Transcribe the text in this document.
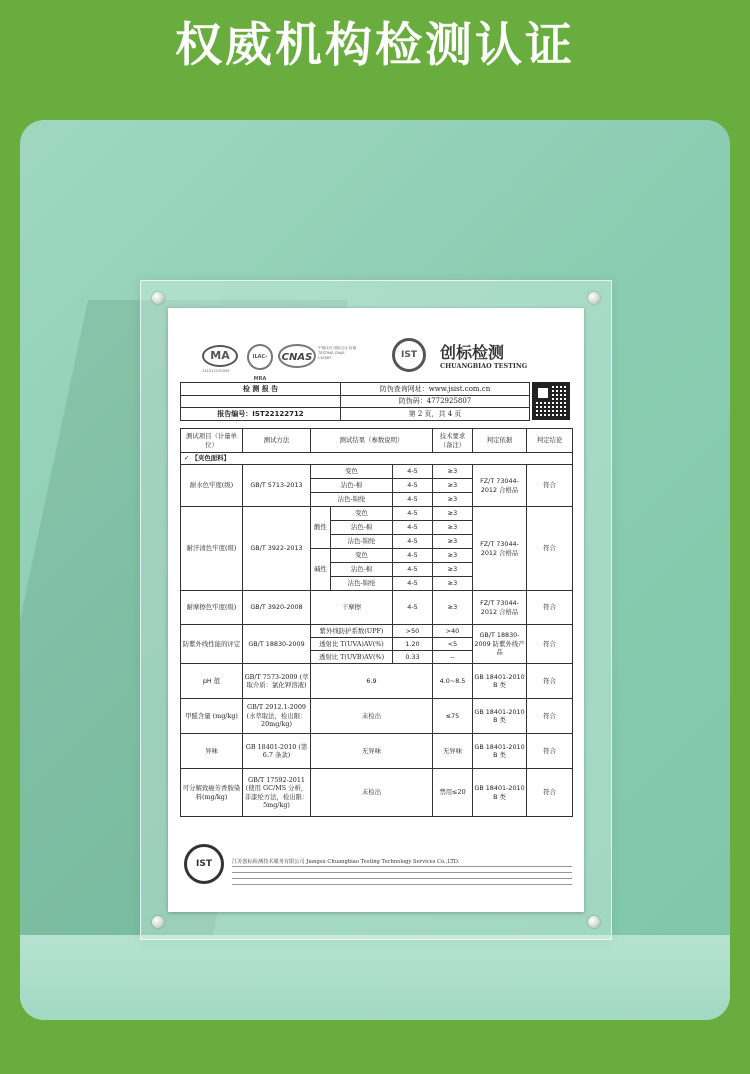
权威机构检测认证
MA
131012120009
ILAC-MRA
CNAS
中国认可 国际互认 检测 TESTING CNAS L10567	IST	创标检测
CHUANGBIAO TESTING
检 测 报 告	防伪查询网址：www.jsist.com.cn
	防伪码：4772925807
报告编号：IST22122712	第 2 页，共 4 页
测试项目（计量单位）	测试方法	测试结果（参数说明）			技术要求（备注）	判定依据	判定结论
✓ 【夹色面料】							
耐水色牢度(级)	GB/T 5713-2013	变色		4-5	≥3	FZ/T 73044-2012 合格品	符合
		沾色-棉		4-5	≥3		
		沾色-锦纶		4-5	≥3		
耐汗渍色牢度(级)	GB/T 3922-2013	酸性	变色	4-5	≥3	FZ/T 73044-2012 合格品	符合
			沾色-棉	4-5	≥3		
			沾色-锦纶	4-5	≥3		
		碱性	变色	4-5	≥3		
			沾色-棉	4-5	≥3		
			沾色-锦纶	4-5	≥3		
耐摩擦色牢度(级)	GB/T 3920-2008	干摩擦		4-5	≥3	FZ/T 73044-2012 合格品	符合
防紫外线性能的评定	GB/T 18830-2009	紫外线防护系数(UPF)		>50	>40	GB/T 18830-2009 防紫外线产品	符合
		透射比 T(UVA)AV(%)		1.20	<5		
		透射比 T(UVB)AV(%)		0.33	--		
pH 值	GB/T 7573-2009 (萃取介质：氯化钾溶液)	6.9			4.0~8.5	GB 18401-2010 B 类	符合
甲醛含量 (mg/kg)	GB/T 2912.1-2009 (水萃取法，检出限：20mg/kg)	未检出			≤75	GB 18401-2010 B 类	符合
异味	GB 18401-2010 (第 6.7 条款)	无异味			无异味	GB 18401-2010 B 类	符合
可分解致癌芳香胺染料(mg/kg)	GB/T 17592-2011 (使用 GC/MS 分析，非漆纶方法，检出限：5mg/kg)	未检出			禁用≤20	GB 18401-2010 B 类	符合
IST	江苏创标检测技术服务有限公司 Jiangsu Chuangbiao Testing Technology Services Co.,LTD.
